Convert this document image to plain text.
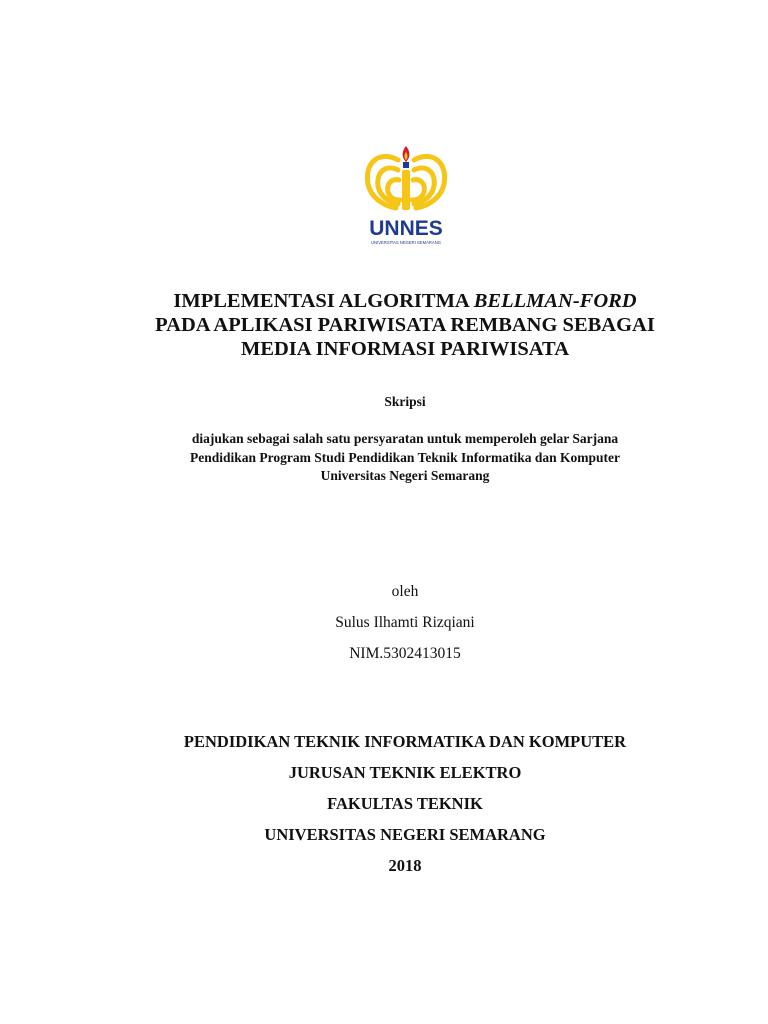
UNNES
UNIVERSITAS NEGERI SEMARANG
IMPLEMENTASI ALGORITMA BELLMAN-FORD
PADA APLIKASI PARIWISATA REMBANG SEBAGAI
MEDIA INFORMASI PARIWISATA
Skripsi
diajukan sebagai salah satu persyaratan untuk memperoleh gelar Sarjana
Pendidikan Program Studi Pendidikan Teknik Informatika dan Komputer
Universitas Negeri Semarang
oleh
Sulus Ilhamti Rizqiani
NIM.5302413015
PENDIDIKAN TEKNIK INFORMATIKA DAN KOMPUTER
JURUSAN TEKNIK ELEKTRO
FAKULTAS TEKNIK
UNIVERSITAS NEGERI SEMARANG
2018
